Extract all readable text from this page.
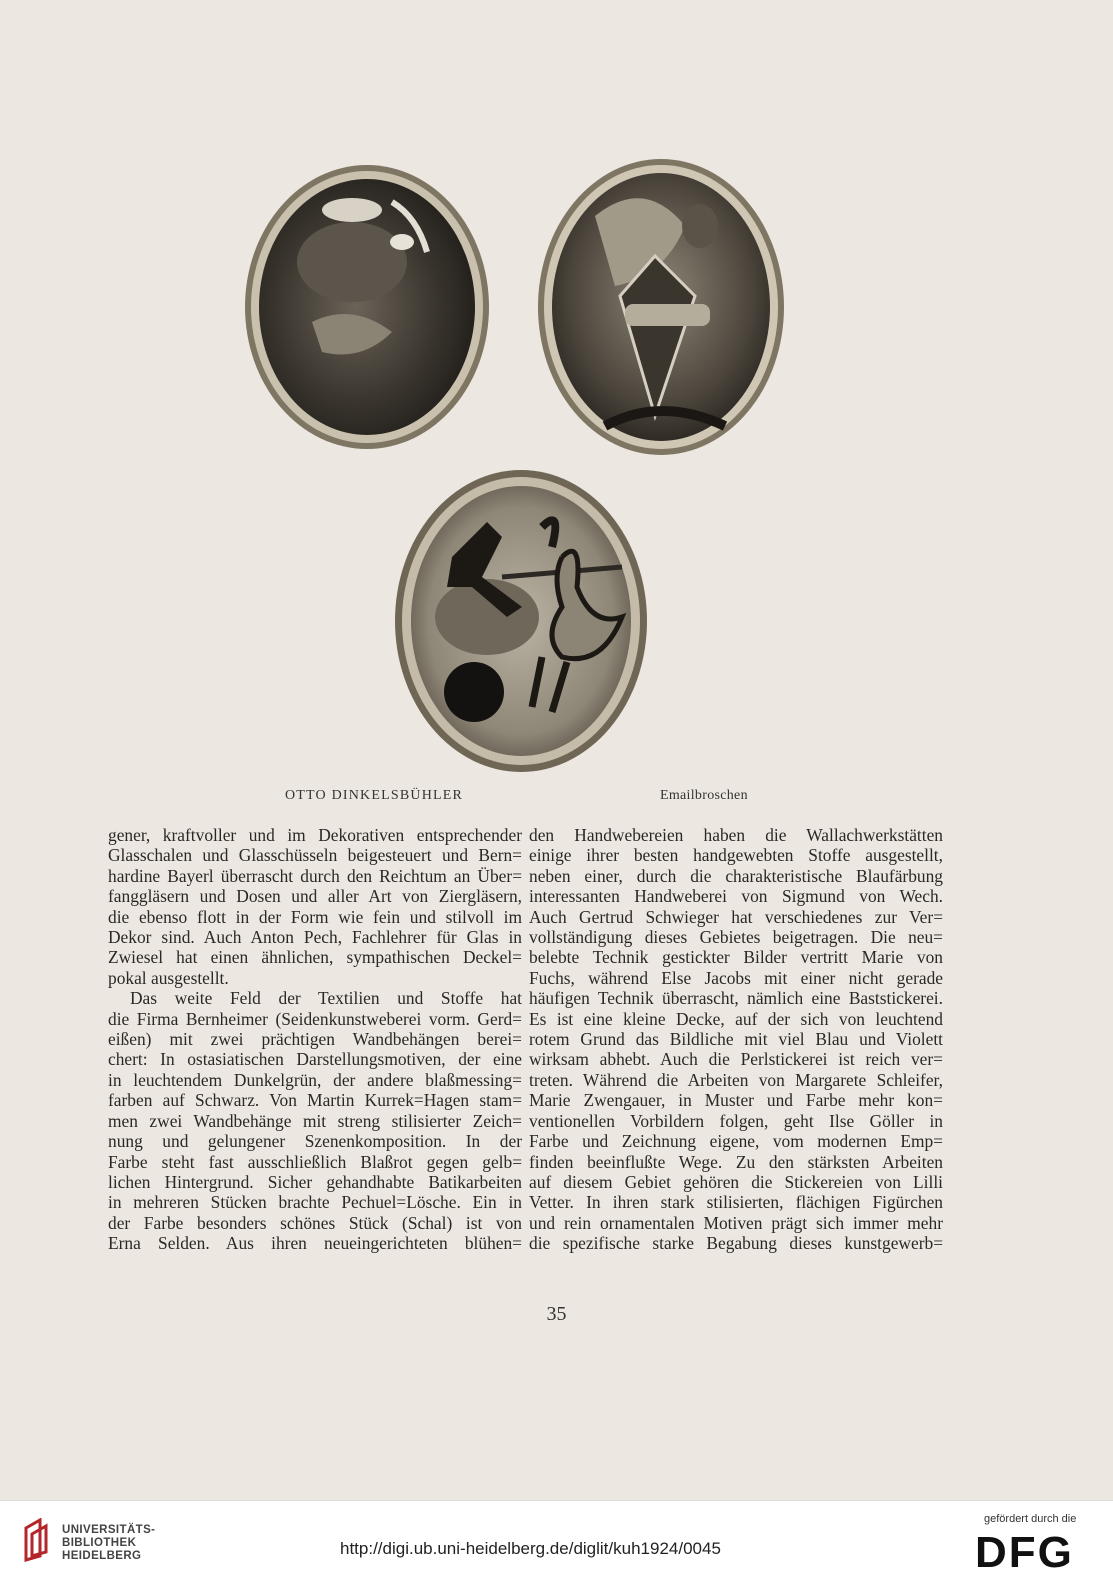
OTTO DINKELSBÜHLER	Emailbroschen

gener, kraftvoller und im Dekorativen entsprechender

Glasschalen und Glasschüsseln beigesteuert und Bern=

hardine Bayerl überrascht durch den Reichtum an Über=

fanggläsern und Dosen und aller Art von Ziergläsern,

die ebenso flott in der Form wie fein und stilvoll im

Dekor sind. Auch Anton Pech, Fachlehrer für Glas in

Zwiesel hat einen ähnlichen, sympathischen Deckel=

pokal ausgestellt.

Das weite Feld der Textilien und Stoffe hat

die Firma Bernheimer (Seidenkunstweberei vorm. Gerd=

eißen) mit zwei prächtigen Wandbehängen berei=

chert: In ostasiatischen Darstellungsmotiven, der eine

in leuchtendem Dunkelgrün, der andere blaßmessing=

farben auf Schwarz. Von Martin Kurrek=Hagen stam=

men zwei Wandbehänge mit streng stilisierter Zeich=

nung und gelungener Szenenkomposition. In der

Farbe steht fast ausschließlich Blaßrot gegen gelb=

lichen Hintergrund. Sicher gehandhabte Batikarbeiten

in mehreren Stücken brachte Pechuel=Lösche. Ein in

der Farbe besonders schönes Stück (Schal) ist von

Erna Selden. Aus ihren neueingerichteten blühen=

den Handwebereien haben die Wallachwerkstätten

einige ihrer besten handgewebten Stoffe ausgestellt,

neben einer, durch die charakteristische Blaufärbung

interessanten Handweberei von Sigmund von Wech.

Auch Gertrud Schwieger hat verschiedenes zur Ver=

vollständigung dieses Gebietes beigetragen. Die neu=

belebte Technik gestickter Bilder vertritt Marie von

Fuchs, während Else Jacobs mit einer nicht gerade

häufigen Technik überrascht, nämlich eine Baststickerei.

Es ist eine kleine Decke, auf der sich von leuchtend

rotem Grund das Bildliche mit viel Blau und Violett

wirksam abhebt. Auch die Perlstickerei ist reich ver=

treten. Während die Arbeiten von Margarete Schleifer,

Marie Zwengauer, in Muster und Farbe mehr kon=

ventionellen Vorbildern folgen, geht Ilse Göller in

Farbe und Zeichnung eigene, vom modernen Emp=

finden beeinflußte Wege. Zu den stärksten Arbeiten

auf diesem Gebiet gehören die Stickereien von Lilli

Vetter. In ihren stark stilisierten, flächigen Figürchen

und rein ornamentalen Motiven prägt sich immer mehr

die spezifische starke Begabung dieses kunstgewerb=

35
UNIVERSITÄTS-
BIBLIOTHEK
HEIDELBERG	http://digi.ub.uni-heidelberg.de/diglit/kuh1924/0045
gefördert durch die
DFG
